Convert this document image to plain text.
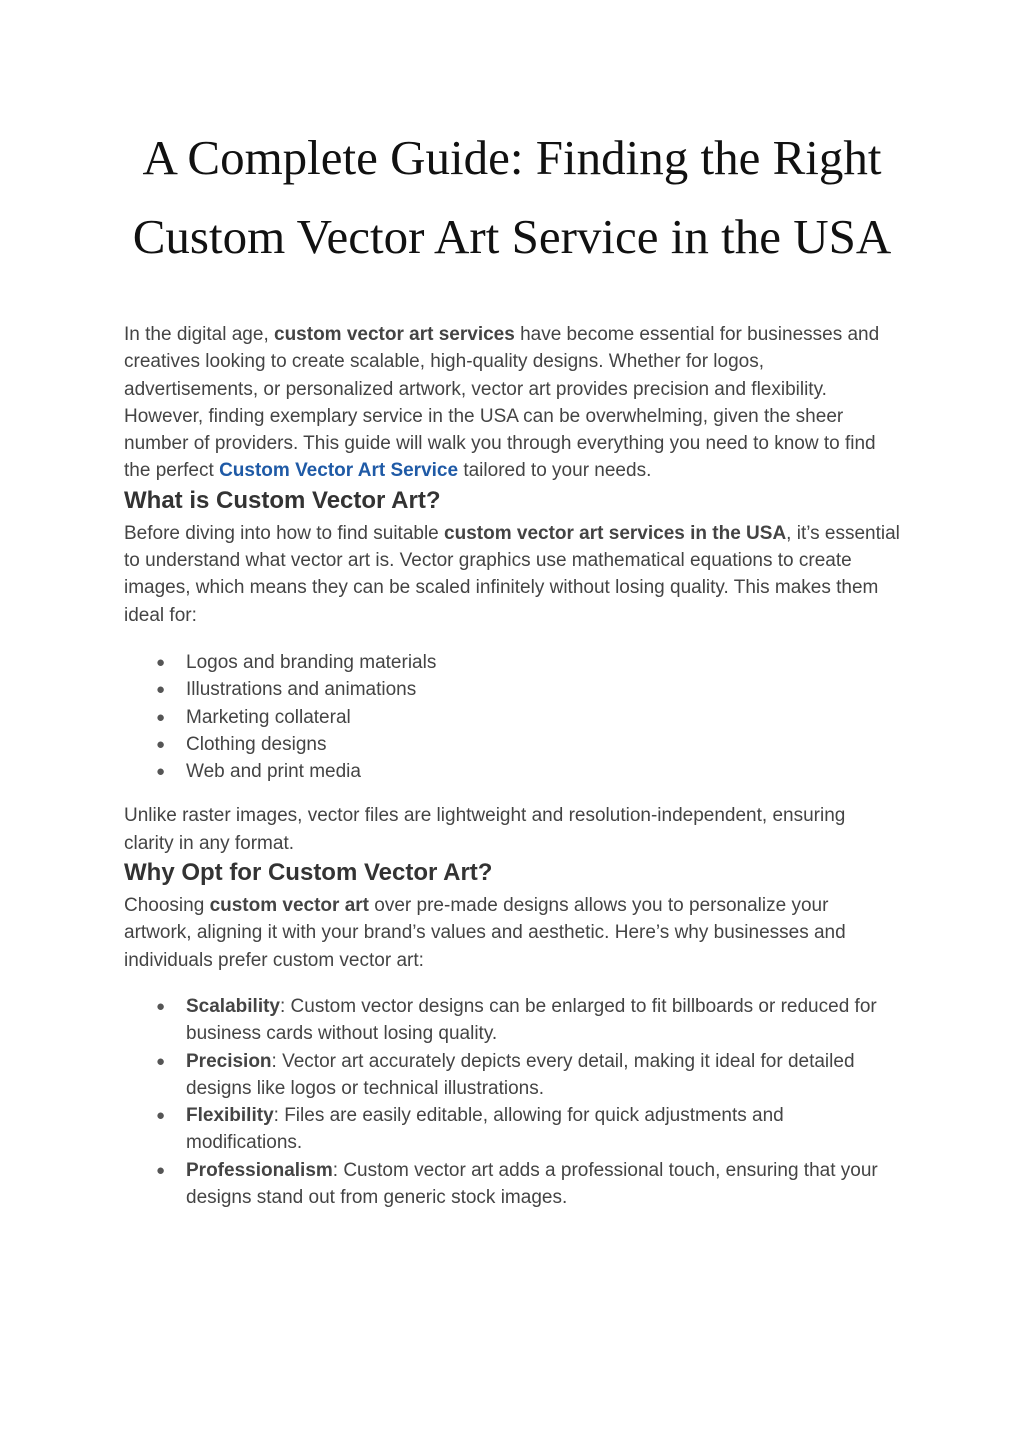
A Complete Guide: Finding the Right Custom Vector Art Service in the USA

In the digital age, custom vector art services have become essential for businesses and creatives looking to create scalable, high-quality designs. Whether for logos, advertisements, or personalized artwork, vector art provides precision and flexibility. However, finding exemplary service in the USA can be overwhelming, given the sheer number of providers. This guide will walk you through everything you need to know to find the perfect Custom Vector Art Service tailored to your needs.

What is Custom Vector Art?

Before diving into how to find suitable custom vector art services in the USA, it’s essential to understand what vector art is. Vector graphics use mathematical equations to create images, which means they can be scaled infinitely without losing quality. This makes them ideal for:

● Logos and branding materials
● Illustrations and animations
● Marketing collateral
● Clothing designs
● Web and print media

Unlike raster images, vector files are lightweight and resolution-independent, ensuring clarity in any format.

Why Opt for Custom Vector Art?

Choosing custom vector art over pre-made designs allows you to personalize your artwork, aligning it with your brand’s values and aesthetic. Here’s why businesses and individuals prefer custom vector art:

● Scalability: Custom vector designs can be enlarged to fit billboards or reduced for business cards without losing quality.
● Precision: Vector art accurately depicts every detail, making it ideal for detailed designs like logos or technical illustrations.
● Flexibility: Files are easily editable, allowing for quick adjustments and modifications.
● Professionalism: Custom vector art adds a professional touch, ensuring that your designs stand out from generic stock images.
